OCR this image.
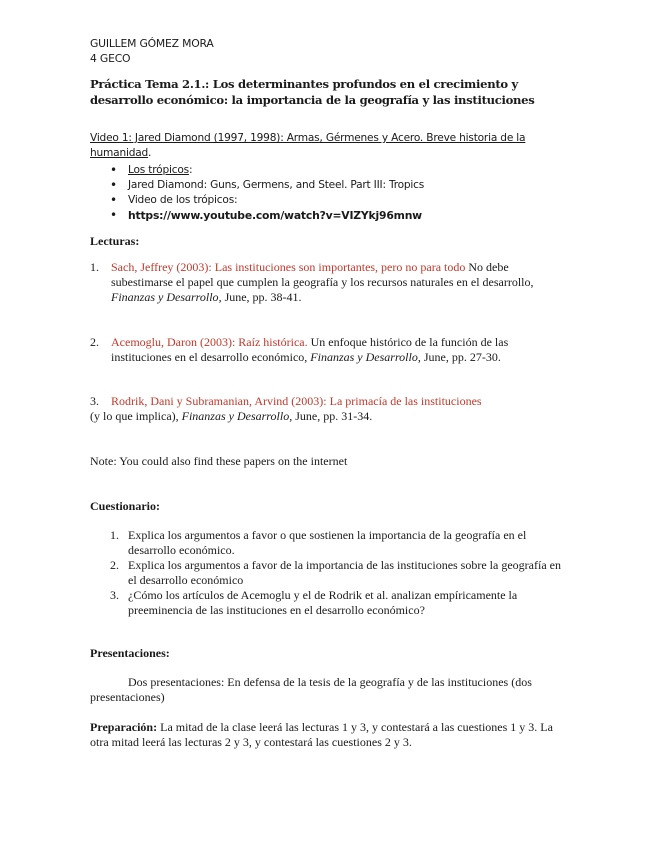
GUILLEM GÓMEZ MORA
4 GECO
Práctica Tema 2.1.: Los determinantes profundos en el crecimiento y desarrollo económico: la importancia de la geografía y las instituciones
Video 1: Jared Diamond (1997, 1998): Armas, Gérmenes y Acero. Breve historia de la humanidad.
• Los trópicos:
• Jared Diamond: Guns, Germens, and Steel. Part III: Tropics
• Video de los trópicos:
• https://www.youtube.com/watch?v=VIZYkj96mnw
Lecturas:
1. Sach, Jeffrey (2003): Las instituciones son importantes, pero no para todo No debe subestimarse el papel que cumplen la geografía y los recursos naturales en el desarrollo, Finanzas y Desarrollo, June, pp. 38-41.
2. Acemoglu, Daron (2003): Raíz histórica. Un enfoque histórico de la función de las instituciones en el desarrollo económico, Finanzas y Desarrollo, June, pp. 27-30.
3. Rodrik, Dani y Subramanian, Arvind (2003): La primacía de las instituciones
(y lo que implica), Finanzas y Desarrollo, June, pp. 31-34.
Note: You could also find these papers on the internet
Cuestionario:
1. Explica los argumentos a favor o que sostienen la importancia de la geografía en el desarrollo económico.
2. Explica los argumentos a favor de la importancia de las instituciones sobre la geografía en el desarrollo económico
3. ¿Cómo los artículos de Acemoglu y el de Rodrik et al. analizan empíricamente la preeminencia de las instituciones en el desarrollo económico?
Presentaciones:
Dos presentaciones: En defensa de la tesis de la geografía y de las instituciones (dos presentaciones)
Preparación: La mitad de la clase leerá las lecturas 1 y 3, y contestará a las cuestiones 1 y 3. La otra mitad leerá las lecturas 2 y 3, y contestará las cuestiones 2 y 3.
